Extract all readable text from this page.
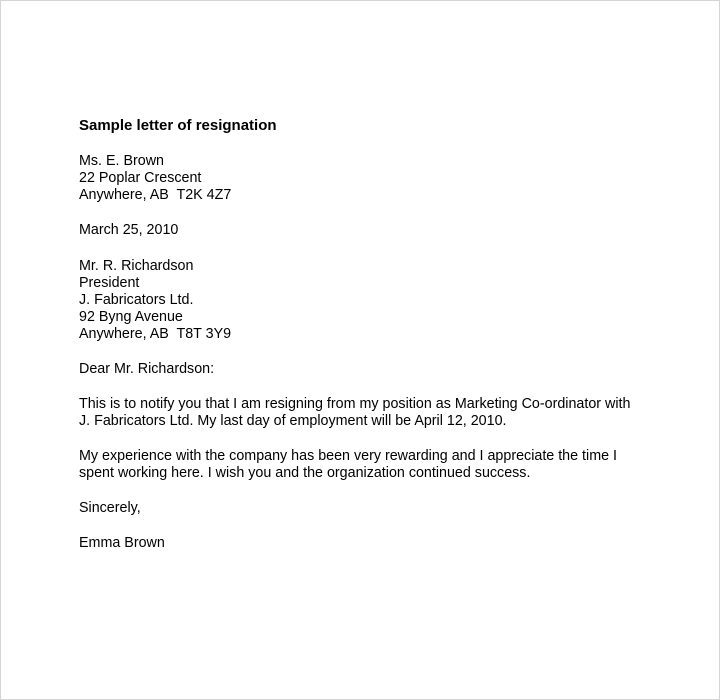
Sample letter of resignation
Ms. E. Brown
22 Poplar Crescent
Anywhere, AB  T2K 4Z7
March 25, 2010
Mr. R. Richardson
President
J. Fabricators Ltd.
92 Byng Avenue
Anywhere, AB  T8T 3Y9
Dear Mr. Richardson:
This is to notify you that I am resigning from my position as Marketing Co-ordinator with
J. Fabricators Ltd. My last day of employment will be April 12, 2010.
My experience with the company has been very rewarding and I appreciate the time I
spent working here. I wish you and the organization continued success.
Sincerely,
Emma Brown
